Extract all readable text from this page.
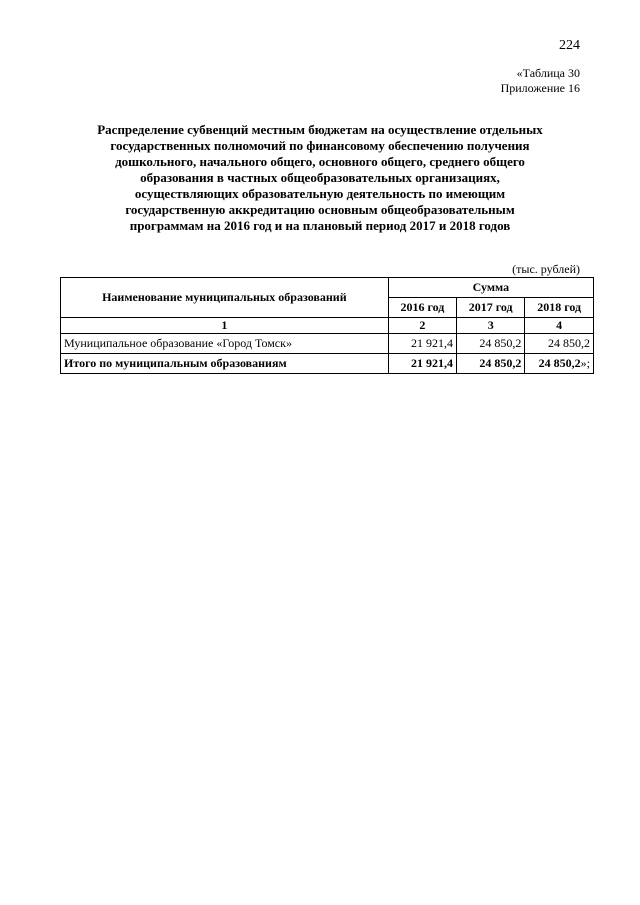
224
«Таблица 30
Приложение 16
Распределение субвенций местным бюджетам на осуществление отдельных
государственных полномочий по финансовому обеспечению получения
дошкольного, начального общего, основного общего, среднего общего
образования в частных общеобразовательных организациях,
осуществляющих образовательную деятельность по имеющим
государственную аккредитацию основным общеобразовательным
программам на 2016 год и на плановый период 2017 и 2018 годов
(тыс. рублей)
Наименование муниципальных образований	Сумма		
	2016 год	2017 год	2018 год
1	2	3	4
Муниципальное образование «Город Томск»	21 921,4	24 850,2	24 850,2
Итого по муниципальным образованиям	21 921,4	24 850,2	24 850,2»;
